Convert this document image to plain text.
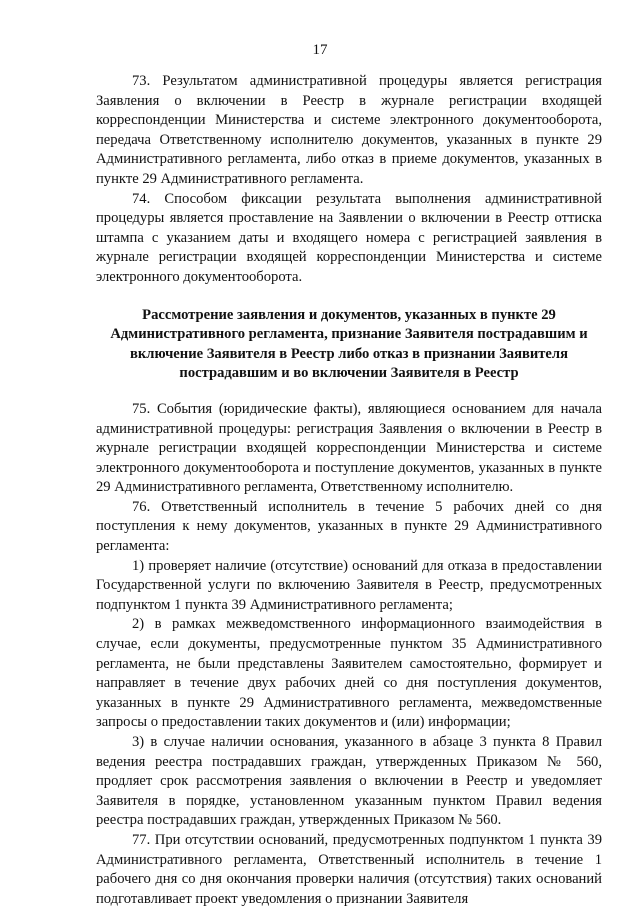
17

73. Результатом административной процедуры является регистрация Заявления о включении в Реестр в журнале регистрации входящей корреспонденции Министерства и системе электронного документооборота, передача Ответственному исполнителю документов, указанных в пункте 29 Административного регламента, либо отказ в приеме документов, указанных в пункте 29 Административного регламента.

74. Способом фиксации результата выполнения административной процедуры является проставление на Заявлении о включении в Реестр оттиска штампа с указанием даты и входящего номера с регистрацией заявления в журнале регистрации входящей корреспонденции Министерства и системе электронного документооборота.

Рассмотрение заявления и документов, указанных в пункте 29 Административного регламента, признание Заявителя пострадавшим и включение Заявителя в Реестр либо отказ в признании Заявителя пострадавшим и во включении Заявителя в Реестр

75. События (юридические факты), являющиеся основанием для начала административной процедуры: регистрация Заявления о включении в Реестр в журнале регистрации входящей корреспонденции Министерства и системе электронного документооборота и поступление документов, указанных в пункте 29 Административного регламента, Ответственному исполнителю.

76. Ответственный исполнитель в течение 5 рабочих дней со дня поступления к нему документов, указанных в пункте 29 Административного регламента:

1) проверяет наличие (отсутствие) оснований для отказа в предоставлении Государственной услуги по включению Заявителя в Реестр, предусмотренных подпунктом 1 пункта 39 Административного регламента;

2) в рамках межведомственного информационного взаимодействия в случае, если документы, предусмотренные пунктом 35 Административного регламента, не были представлены Заявителем самостоятельно, формирует и направляет в течение двух рабочих дней со дня поступления документов, указанных в пункте 29 Административного регламента, межведомственные запросы о предоставлении таких документов и (или) информации;

3) в случае наличии основания, указанного в абзаце 3 пункта 8 Правил ведения реестра пострадавших граждан, утвержденных Приказом № 560, продляет срок рассмотрения заявления о включении в Реестр и уведомляет Заявителя в порядке, установленном указанным пунктом Правил ведения реестра пострадавших граждан, утвержденных Приказом № 560.

77. При отсутствии оснований, предусмотренных подпунктом 1 пункта 39 Административного регламента, Ответственный исполнитель в течение 1 рабочего дня со дня окончания проверки наличия (отсутствия) таких оснований подготавливает проект уведомления о признании Заявителя
